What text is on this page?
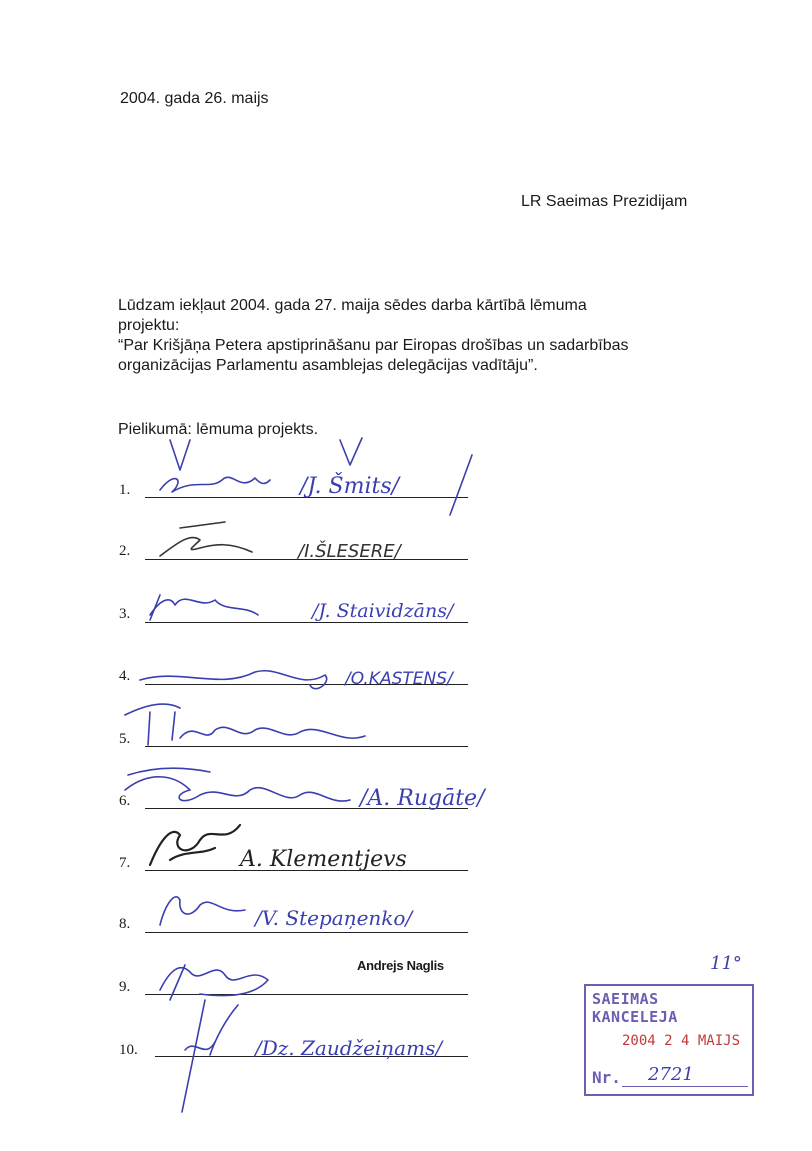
2004. gada 26. maijs
LR Saeimas Prezidijam
Lūdzam iekļaut 2004. gada 27. maija sēdes darba kārtībā lēmuma
projektu:
“Par Krišjāņa Petera apstiprināšanu par Eiropas drošības un sadarbības
organizācijas Parlamentu asamblejas delegācijas vadītāju”.
Pielikumā: lēmuma projekts.
1.
2.
3.
4.
5.
6.
7.
8.
9.
10.
/J. Šmits/
/I.ŠLESERE/
/J. Staividzāns/
/O.KASTENS/
/A. Rugāte/
A. Klementjevs
/V. Stepaņenko/
/Dz. Zaudžeiņams/
Andrejs Naglis	11°
SAEIMAS KANCELEJA
2004 2 4 MAIJS
Nr. 2721
